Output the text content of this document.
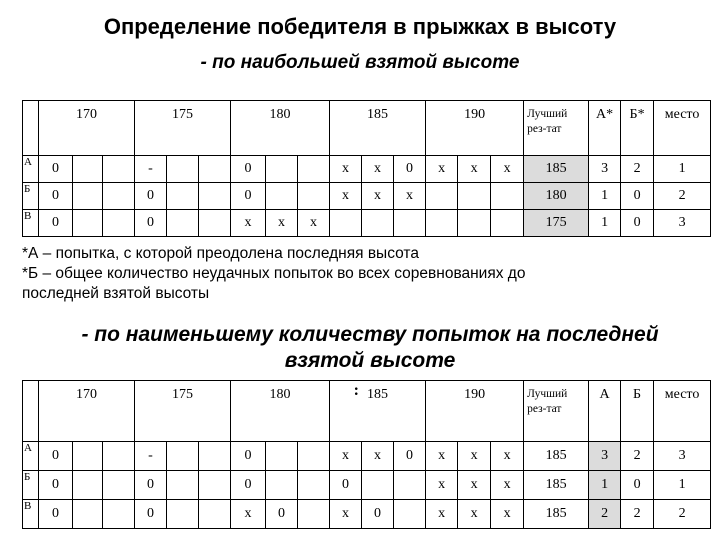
Определение победителя в прыжках в высоту
- по наибольшей взятой высоте
	170			175			180			185			190			Лучший рез-тат	А*	Б*	место
А	0			-			0			x	x	0	x	x	x	185	3	2	1
Б	0			0			0			x	x	x				180	1	0	2
В	0			0			x	x	x							175	1	0	3
*А – попытка, с которой преодолена последняя высота
*Б – общее количество неудачных попыток во всех соревнованиях до
последней взятой высоты
- по наименьшему количеству попыток на последней
взятой высоте
	170			175			180			185			190			Лучший рез-тат	А	Б	место
А	0			-			0			x	x	0	x	x	x	185	3	2	3
Б	0			0			0			0			x	x	x	185	1	0	1
В	0			0			x	0		x	0		x	x	x	185	2	2	2
